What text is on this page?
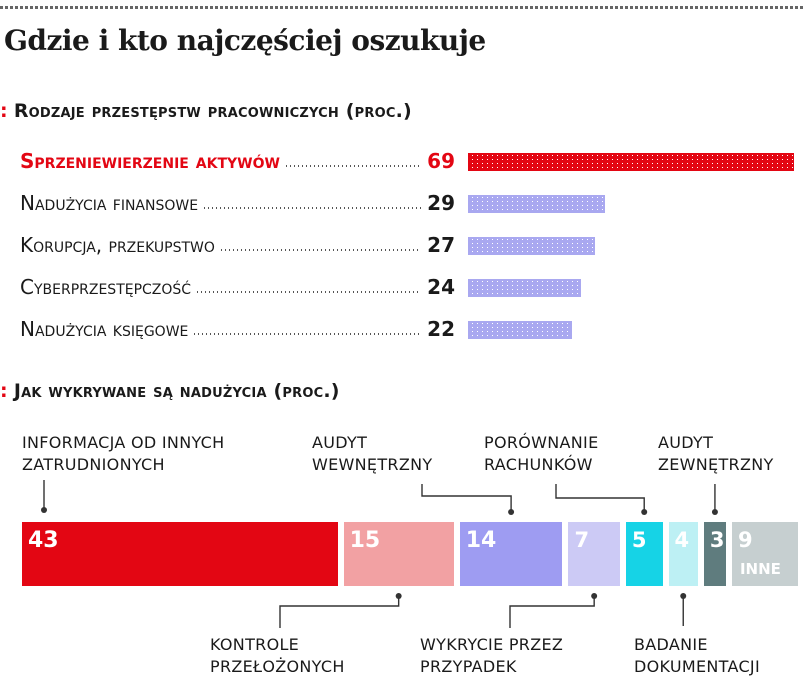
Gdzie i kto najczęściej oszukuje
: Rodzaje przestępstw pracowniczych (proc.)
Sprzeniewierzenie aktywów	69
Nadużycia finansowe	29
Korupcja, przekupstwo	27
Cyberprzestępczość	24
Nadużycia księgowe	22
: Jak wykrywane są nadużycia (proc.)
43
INFORMACJA OD INNYCH
ZATRUDNIONYCH
15
KONTROLE
PRZEŁOŻONYCH
14
AUDYT
WEWNĘTRZNY
7
WYKRYCIE PRZEZ
PRZYPADEK
5
PORÓWNANIE
RACHUNKÓW
4
BADANIE
DOKUMENTACJI
3
AUDYT
ZEWNĘTRZNY
9
INNE
